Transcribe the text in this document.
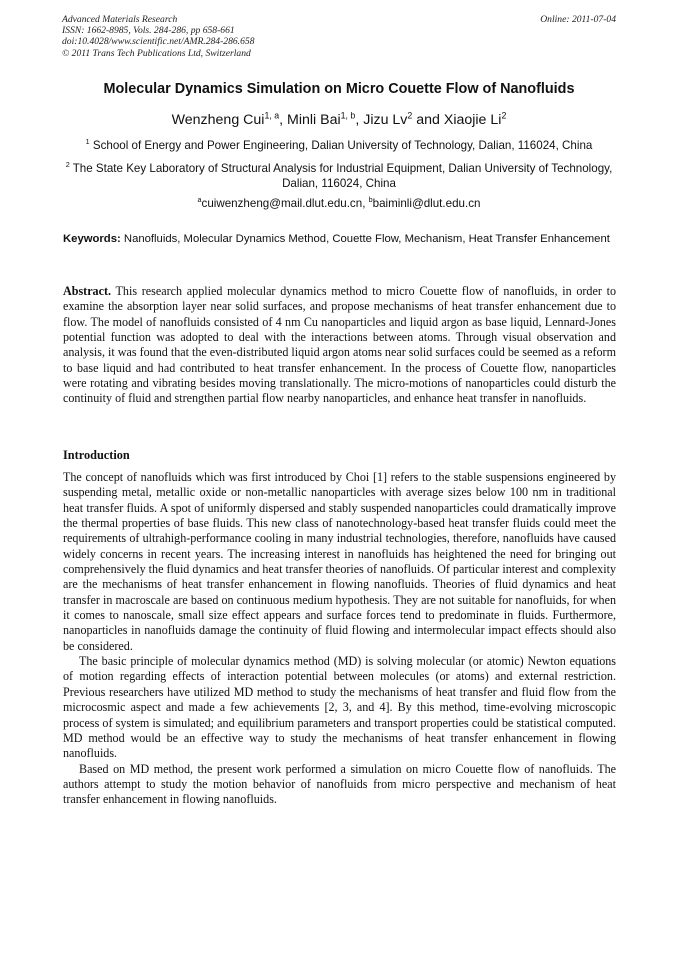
Advanced Materials Research
ISSN: 1662-8985, Vols. 284-286, pp 658-661
doi:10.4028/www.scientific.net/AMR.284-286.658
© 2011 Trans Tech Publications Ltd, Switzerland
Online: 2011-07-04
Molecular Dynamics Simulation on Micro Couette Flow of Nanofluids
Wenzheng Cui$^{1, a}$, Minli Bai$^{1, b}$, Jizu Lv$^2$ and Xiaojie Li$^2$
$^1$ School of Energy and Power Engineering, Dalian University of Technology, Dalian, 116024, China
$^2$ The State Key Laboratory of Structural Analysis for Industrial Equipment, Dalian University of Technology, Dalian, 116024, China
$^a$cuiwenzheng@mail.dlut.edu.cn, $^b$baiminli@dlut.edu.cn
Keywords: Nanofluids, Molecular Dynamics Method, Couette Flow, Mechanism, Heat Transfer Enhancement
Abstract. This research applied molecular dynamics method to micro Couette flow of nanofluids, in order to examine the absorption layer near solid surfaces, and propose mechanisms of heat transfer enhancement due to flow. The model of nanofluids consisted of 4 nm Cu nanoparticles and liquid argon as base liquid, Lennard-Jones potential function was adopted to deal with the interactions between atoms. Through visual observation and analysis, it was found that the even-distributed liquid argon atoms near solid surfaces could be seemed as a reform to base liquid and had contributed to heat transfer enhancement. In the process of Couette flow, nanoparticles were rotating and vibrating besides moving translationally. The micro-motions of nanoparticles could disturb the continuity of fluid and strengthen partial flow nearby nanoparticles, and enhance heat transfer in nanofluids.
Introduction

The concept of nanofluids which was first introduced by Choi [1] refers to the stable suspensions engineered by suspending metal, metallic oxide or non-metallic nanoparticles with average sizes below 100 nm in traditional heat transfer fluids. A spot of uniformly dispersed and stably suspended nanoparticles could dramatically improve the thermal properties of base fluids. This new class of nanotechnology-based heat transfer fluids could meet the requirements of ultrahigh-performance cooling in many industrial technologies, therefore, nanofluids have caused widely concerns in recent years. The increasing interest in nanofluids has heightened the need for bringing out comprehensively the fluid dynamics and heat transfer theories of nanofluids. Of particular interest and complexity are the mechanisms of heat transfer enhancement in flowing nanofluids. Theories of fluid dynamics and heat transfer in macroscale are based on continuous medium hypothesis. They are not suitable for nanofluids, for when it comes to nanoscale, small size effect appears and surface forces tend to predominate in fluids. Furthermore, nanoparticles in nanofluids damage the continuity of fluid flowing and intermolecular impact effects should also be considered.

The basic principle of molecular dynamics method (MD) is solving molecular (or atomic) Newton equations of motion regarding effects of interaction potential between molecules (or atoms) and external restriction. Previous researchers have utilized MD method to study the mechanisms of heat transfer and fluid flow from the microcosmic aspect and made a few achievements [2, 3, and 4]. By this method, time-evolving microscopic process of system is simulated; and equilibrium parameters and transport properties could be statistical computed. MD method would be an effective way to study the mechanisms of heat transfer enhancement in flowing nanofluids.

Based on MD method, the present work performed a simulation on micro Couette flow of nanofluids. The authors attempt to study the motion behavior of nanofluids from micro perspective and mechanism of heat transfer enhancement in flowing nanofluids.
